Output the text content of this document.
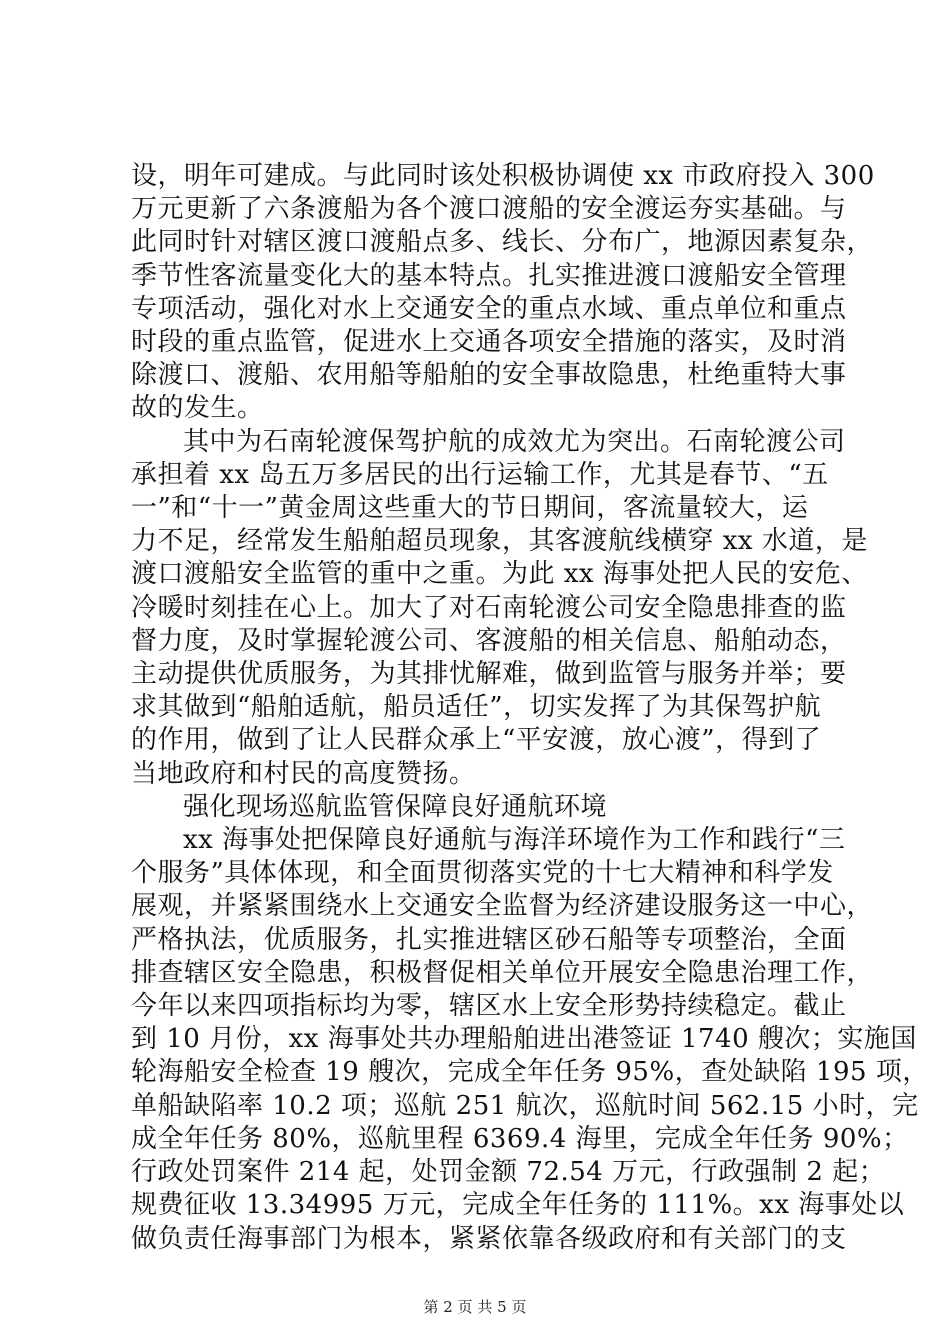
设，明年可建成。与此同时该处积极协调使 xx 市政府投入 300
万元更新了六条渡船为各个渡口渡船的安全渡运夯实基础。与
此同时针对辖区渡口渡船点多、线长、分布广，地源因素复杂，
季节性客流量变化大的基本特点。扎实推进渡口渡船安全管理
专项活动，强化对水上交通安全的重点水域、重点单位和重点
时段的重点监管，促进水上交通各项安全措施的落实，及时消
除渡口、渡船、农用船等船舶的安全事故隐患，杜绝重特大事
故的发生。
其中为石南轮渡保驾护航的成效尤为突出。石南轮渡公司
承担着 xx 岛五万多居民的出行运输工作，尤其是春节、“五
一”和“十一”黄金周这些重大的节日期间，客流量较大，运
力不足，经常发生船舶超员现象，其客渡航线横穿 xx 水道，是
渡口渡船安全监管的重中之重。为此 xx 海事处把人民的安危、
冷暖时刻挂在心上。加大了对石南轮渡公司安全隐患排查的监
督力度，及时掌握轮渡公司、客渡船的相关信息、船舶动态，
主动提供优质服务，为其排忧解难，做到监管与服务并举；要
求其做到“船舶适航，船员适任”，切实发挥了为其保驾护航
的作用，做到了让人民群众承上“平安渡，放心渡”，得到了
当地政府和村民的高度赞扬。
强化现场巡航监管保障良好通航环境
xx 海事处把保障良好通航与海洋环境作为工作和践行“三
个服务”具体体现，和全面贯彻落实党的十七大精神和科学发
展观，并紧紧围绕水上交通安全监督为经济建设服务这一中心，
严格执法，优质服务，扎实推进辖区砂石船等专项整治，全面
排查辖区安全隐患，积极督促相关单位开展安全隐患治理工作，
今年以来四项指标均为零，辖区水上安全形势持续稳定。截止
到 10 月份，xx 海事处共办理船舶进出港签证 1740 艘次；实施国
轮海船安全检查 19 艘次，完成全年任务 95%，查处缺陷 195 项，
单船缺陷率 10.2 项；巡航 251 航次，巡航时间 562.15 小时，完
成全年任务 80%，巡航里程 6369.4 海里，完成全年任务 90%；
行政处罚案件 214 起，处罚金额 72.54 万元，行政强制 2 起；
规费征收 13.34995 万元，完成全年任务的 111%。xx 海事处以
做负责任海事部门为根本，紧紧依靠各级政府和有关部门的支
第 2 页 共 5 页
